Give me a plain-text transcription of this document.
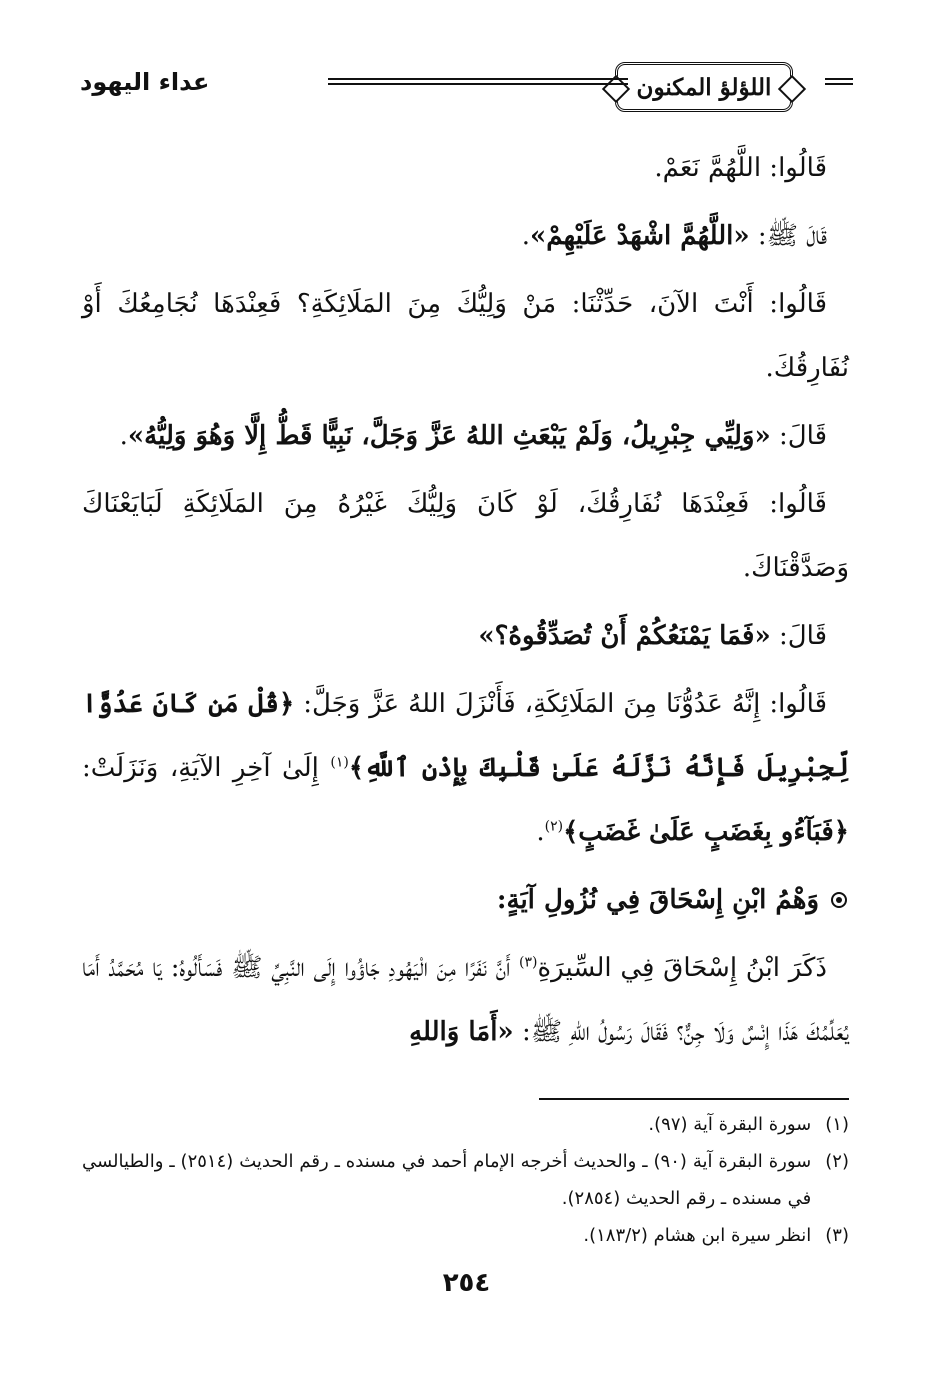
اللؤلؤ المكنون
عداء اليهود

قَالُوا: اللَّهُمَّ نَعَمْ.

قَالَ ﷺ: «اللَّهُمَّ اشْهَدْ عَلَيْهِمْ».

قَالُوا: أَنْتَ الآنَ، حَدِّثْنَا: مَنْ وَلِيُّكَ مِنَ المَلَائِكَةِ؟ فَعِنْدَهَا نُجَامِعُكَ أَوْ نُفَارِقُكَ.

قَالَ: «وَلِيِّي جِبْرِيلُ، وَلَمْ يَبْعَثِ اللهُ عَزَّ وَجَلَّ، نَبِيًّا قَطُّ إِلَّا وَهُوَ وَلِيُّهُ».

قَالُوا: فَعِنْدَهَا نُفَارِقُكَ، لَوْ كَانَ وَلِيُّكَ غَيْرُهُ مِنَ المَلَائِكَةِ لَبَايَعْنَاكَ وَصَدَّقْنَاكَ.

قَالَ: «فَمَا يَمْنَعُكُمْ أَنْ تُصَدِّقُوهُ؟»

قَالُوا: إِنَّهُ عَدُوُّنَا مِنَ المَلَائِكَةِ، فَأَنْزَلَ اللهُ عَزَّ وَجَلَّ: ﴿قُلْ مَن كَانَ عَدُوًّا لِّجِبْرِيلَ فَإِنَّهُ نَزَّلَهُ عَلَىٰ قَلْبِكَ بِإِذْنِ ٱللَّهِ﴾$^{(١)}$ إِلَىٰ آخِرِ الآيَةِ، وَنَزَلَتْ: ﴿فَبَآءُو بِغَضَبٍ عَلَىٰ غَضَبٍ﴾$^{(٢)}$.

وَهْمُ ابْنِ إِسْحَاقَ فِي نُزُولِ آيَةٍ:

ذَكَرَ ابْنُ إِسْحَاقَ فِي السِّيرَةِ$^{(٣)}$ أَنَّ نَفَرًا مِنَ الْيَهُودِ جَاؤُوا إِلَى النَّبِيِّ ﷺ فَسَأَلُوهُ: يَا مُحَمَّدُ أَمَا يُعَلِّمُكَ هَذَا إِنْسٌ وَلَا جِنٌّ؟ فَقَالَ رَسُولُ اللهِ ﷺ: «أَمَا وَاللهِ

(١)
سورة البقرة آية (٩٧).

(٢)
سورة البقرة آية (٩٠) ـ والحديث أخرجه الإمام أحمد في مسنده ـ رقم الحديث (٢٥١٤) ـ والطيالسي في مسنده ـ رقم الحديث (٢٨٥٤).

(٣)
انظر سيرة ابن هشام (١٨٣/٢).

٢٥٤
